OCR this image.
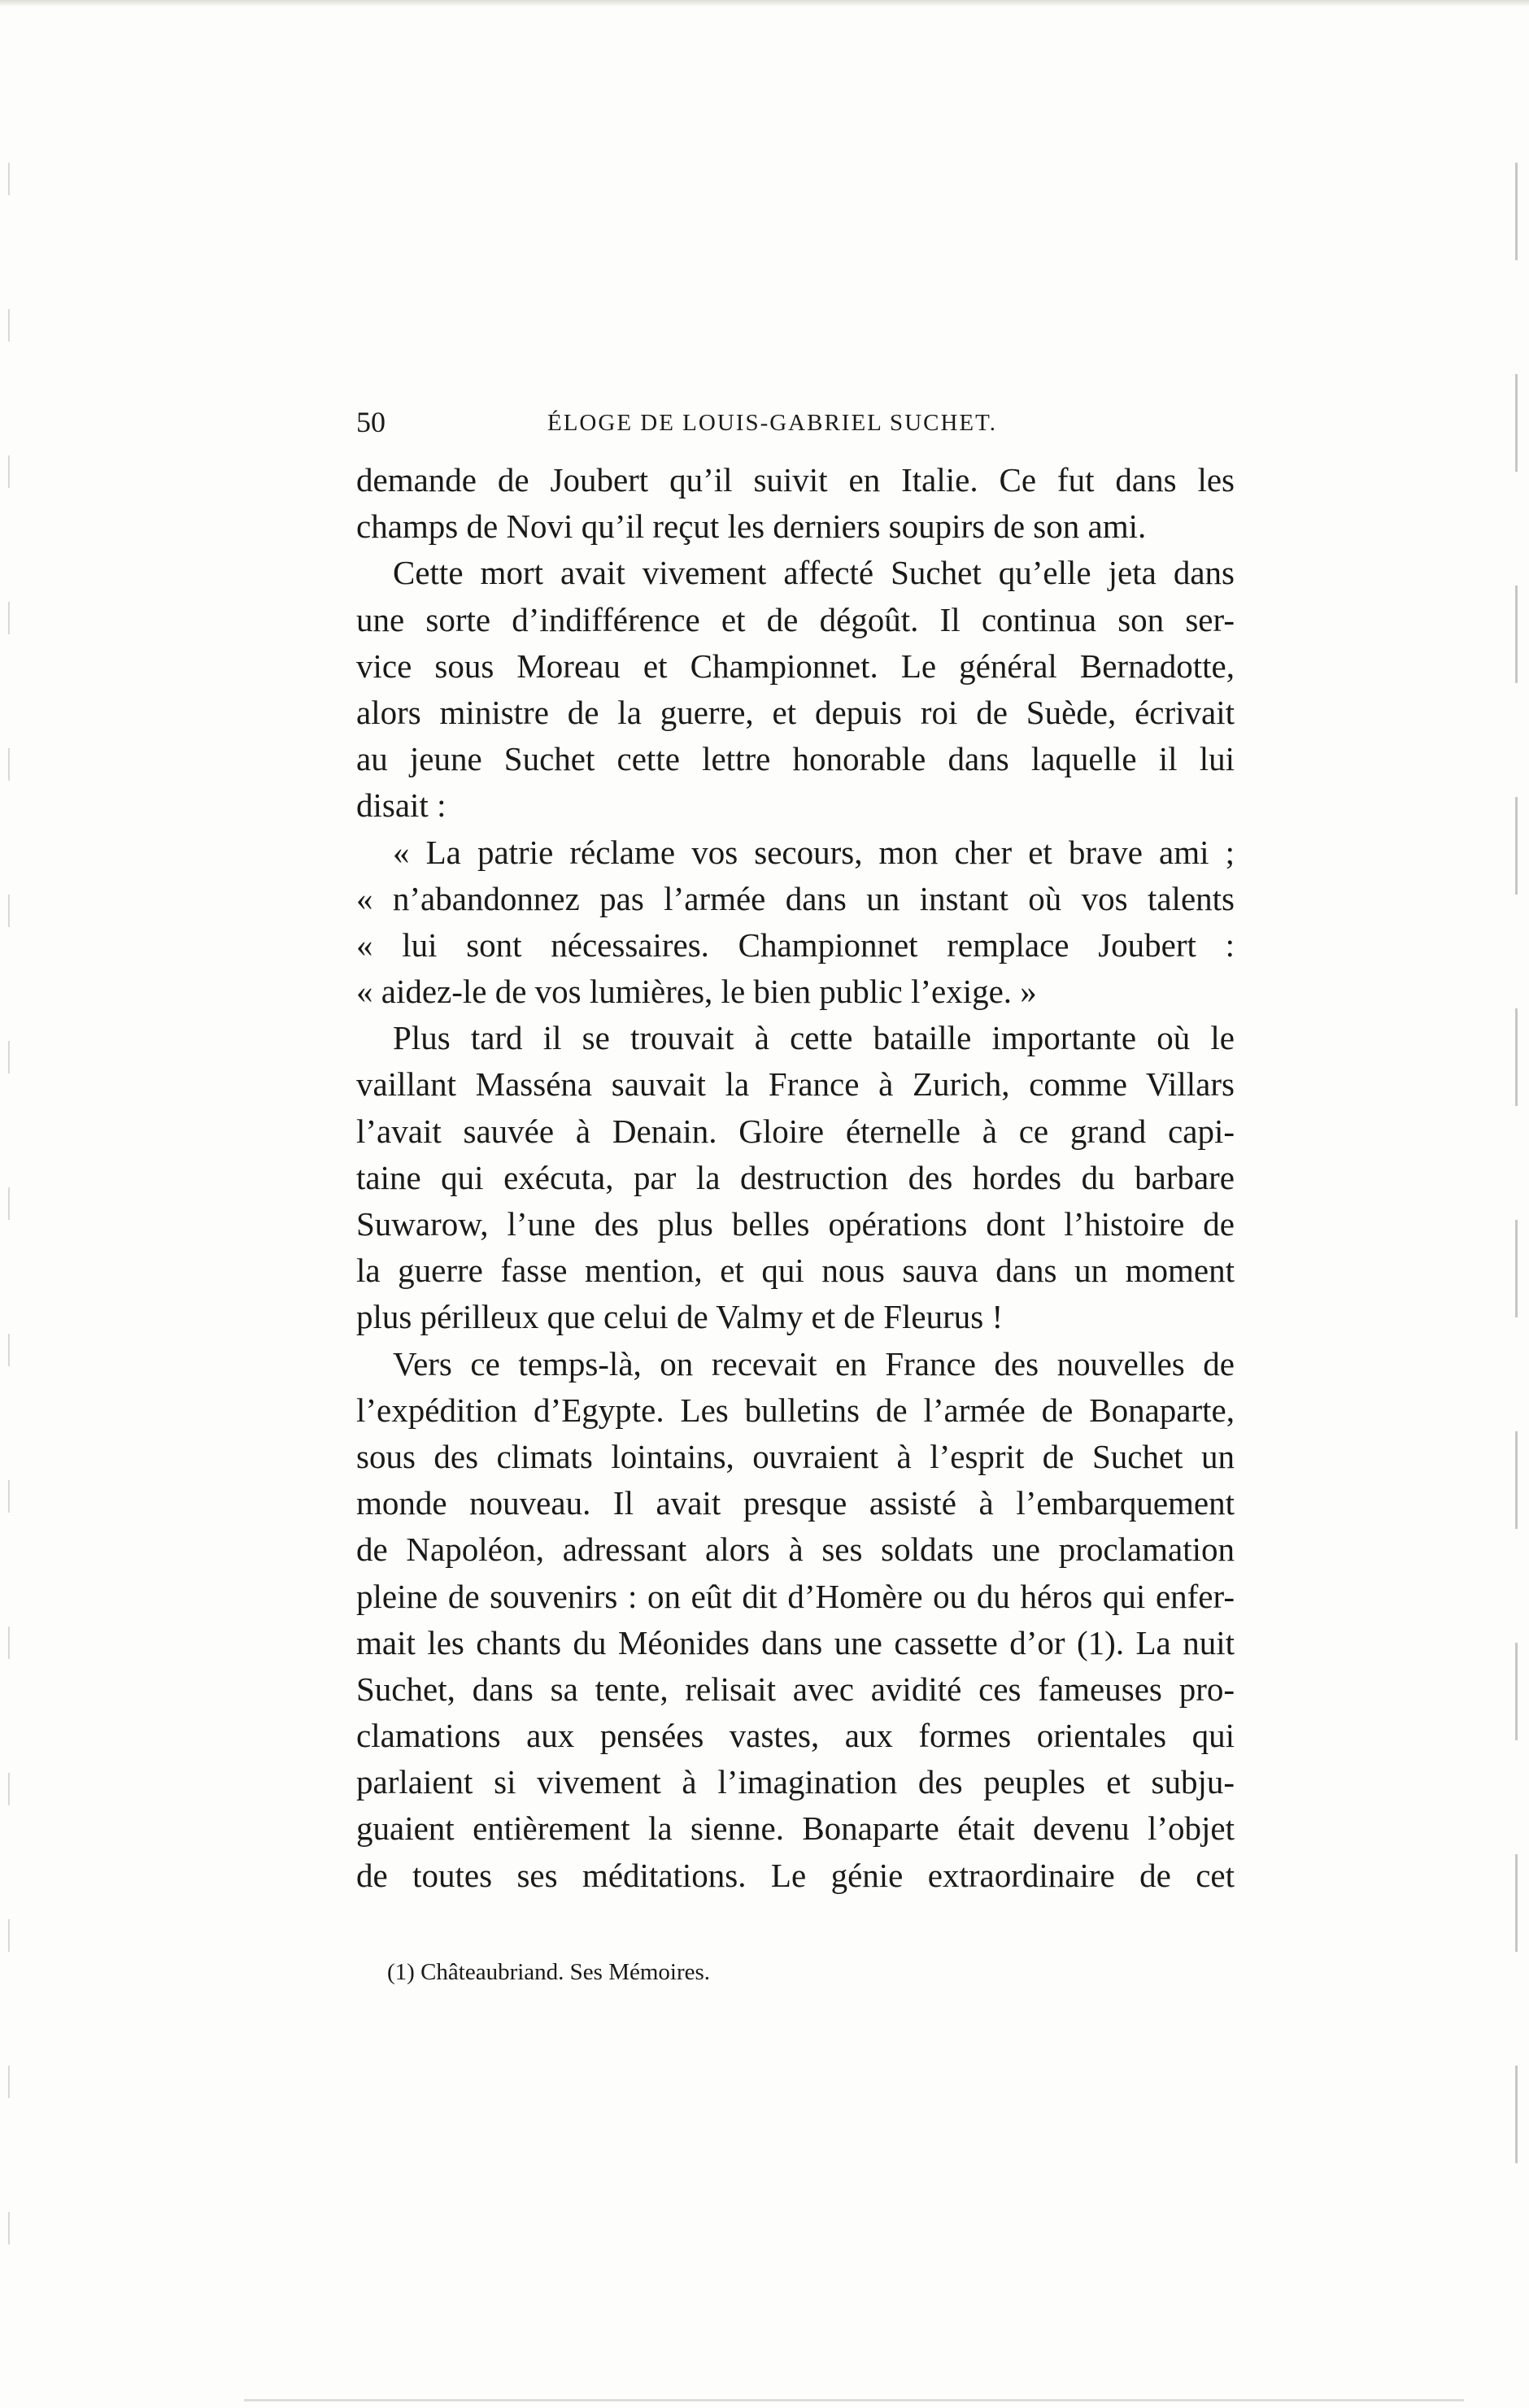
50	ÉLOGE DE LOUIS-GABRIEL SUCHET.
demande de Joubert qu’il suivit en Italie. Ce fut dans les
champs de Novi qu’il reçut les derniers soupirs de son ami.
Cette mort avait vivement affecté Suchet qu’elle jeta dans
une sorte d’indifférence et de dégoût. Il continua son ser-
vice sous Moreau et Championnet. Le général Bernadotte,
alors ministre de la guerre, et depuis roi de Suède, écrivait
au jeune Suchet cette lettre honorable dans laquelle il lui
disait :
« La patrie réclame vos secours, mon cher et brave ami ;
« n’abandonnez pas l’armée dans un instant où vos talents
« lui sont nécessaires. Championnet remplace Joubert :
« aidez-le de vos lumières, le bien public l’exige. »
Plus tard il se trouvait à cette bataille importante où le
vaillant Masséna sauvait la France à Zurich, comme Villars
l’avait sauvée à Denain. Gloire éternelle à ce grand capi-
taine qui exécuta, par la destruction des hordes du barbare
Suwarow, l’une des plus belles opérations dont l’histoire de
la guerre fasse mention, et qui nous sauva dans un moment
plus périlleux que celui de Valmy et de Fleurus !
Vers ce temps-là, on recevait en France des nouvelles de
l’expédition d’Egypte. Les bulletins de l’armée de Bonaparte,
sous des climats lointains, ouvraient à l’esprit de Suchet un
monde nouveau. Il avait presque assisté à l’embarquement
de Napoléon, adressant alors à ses soldats une proclamation
pleine de souvenirs : on eût dit d’Homère ou du héros qui enfer-
mait les chants du Méonides dans une cassette d’or (1). La nuit
Suchet, dans sa tente, relisait avec avidité ces fameuses pro-
clamations aux pensées vastes, aux formes orientales qui
parlaient si vivement à l’imagination des peuples et subju-
guaient entièrement la sienne. Bonaparte était devenu l’objet
de toutes ses méditations. Le génie extraordinaire de cet
(1) Châteaubriand. Ses Mémoires.
